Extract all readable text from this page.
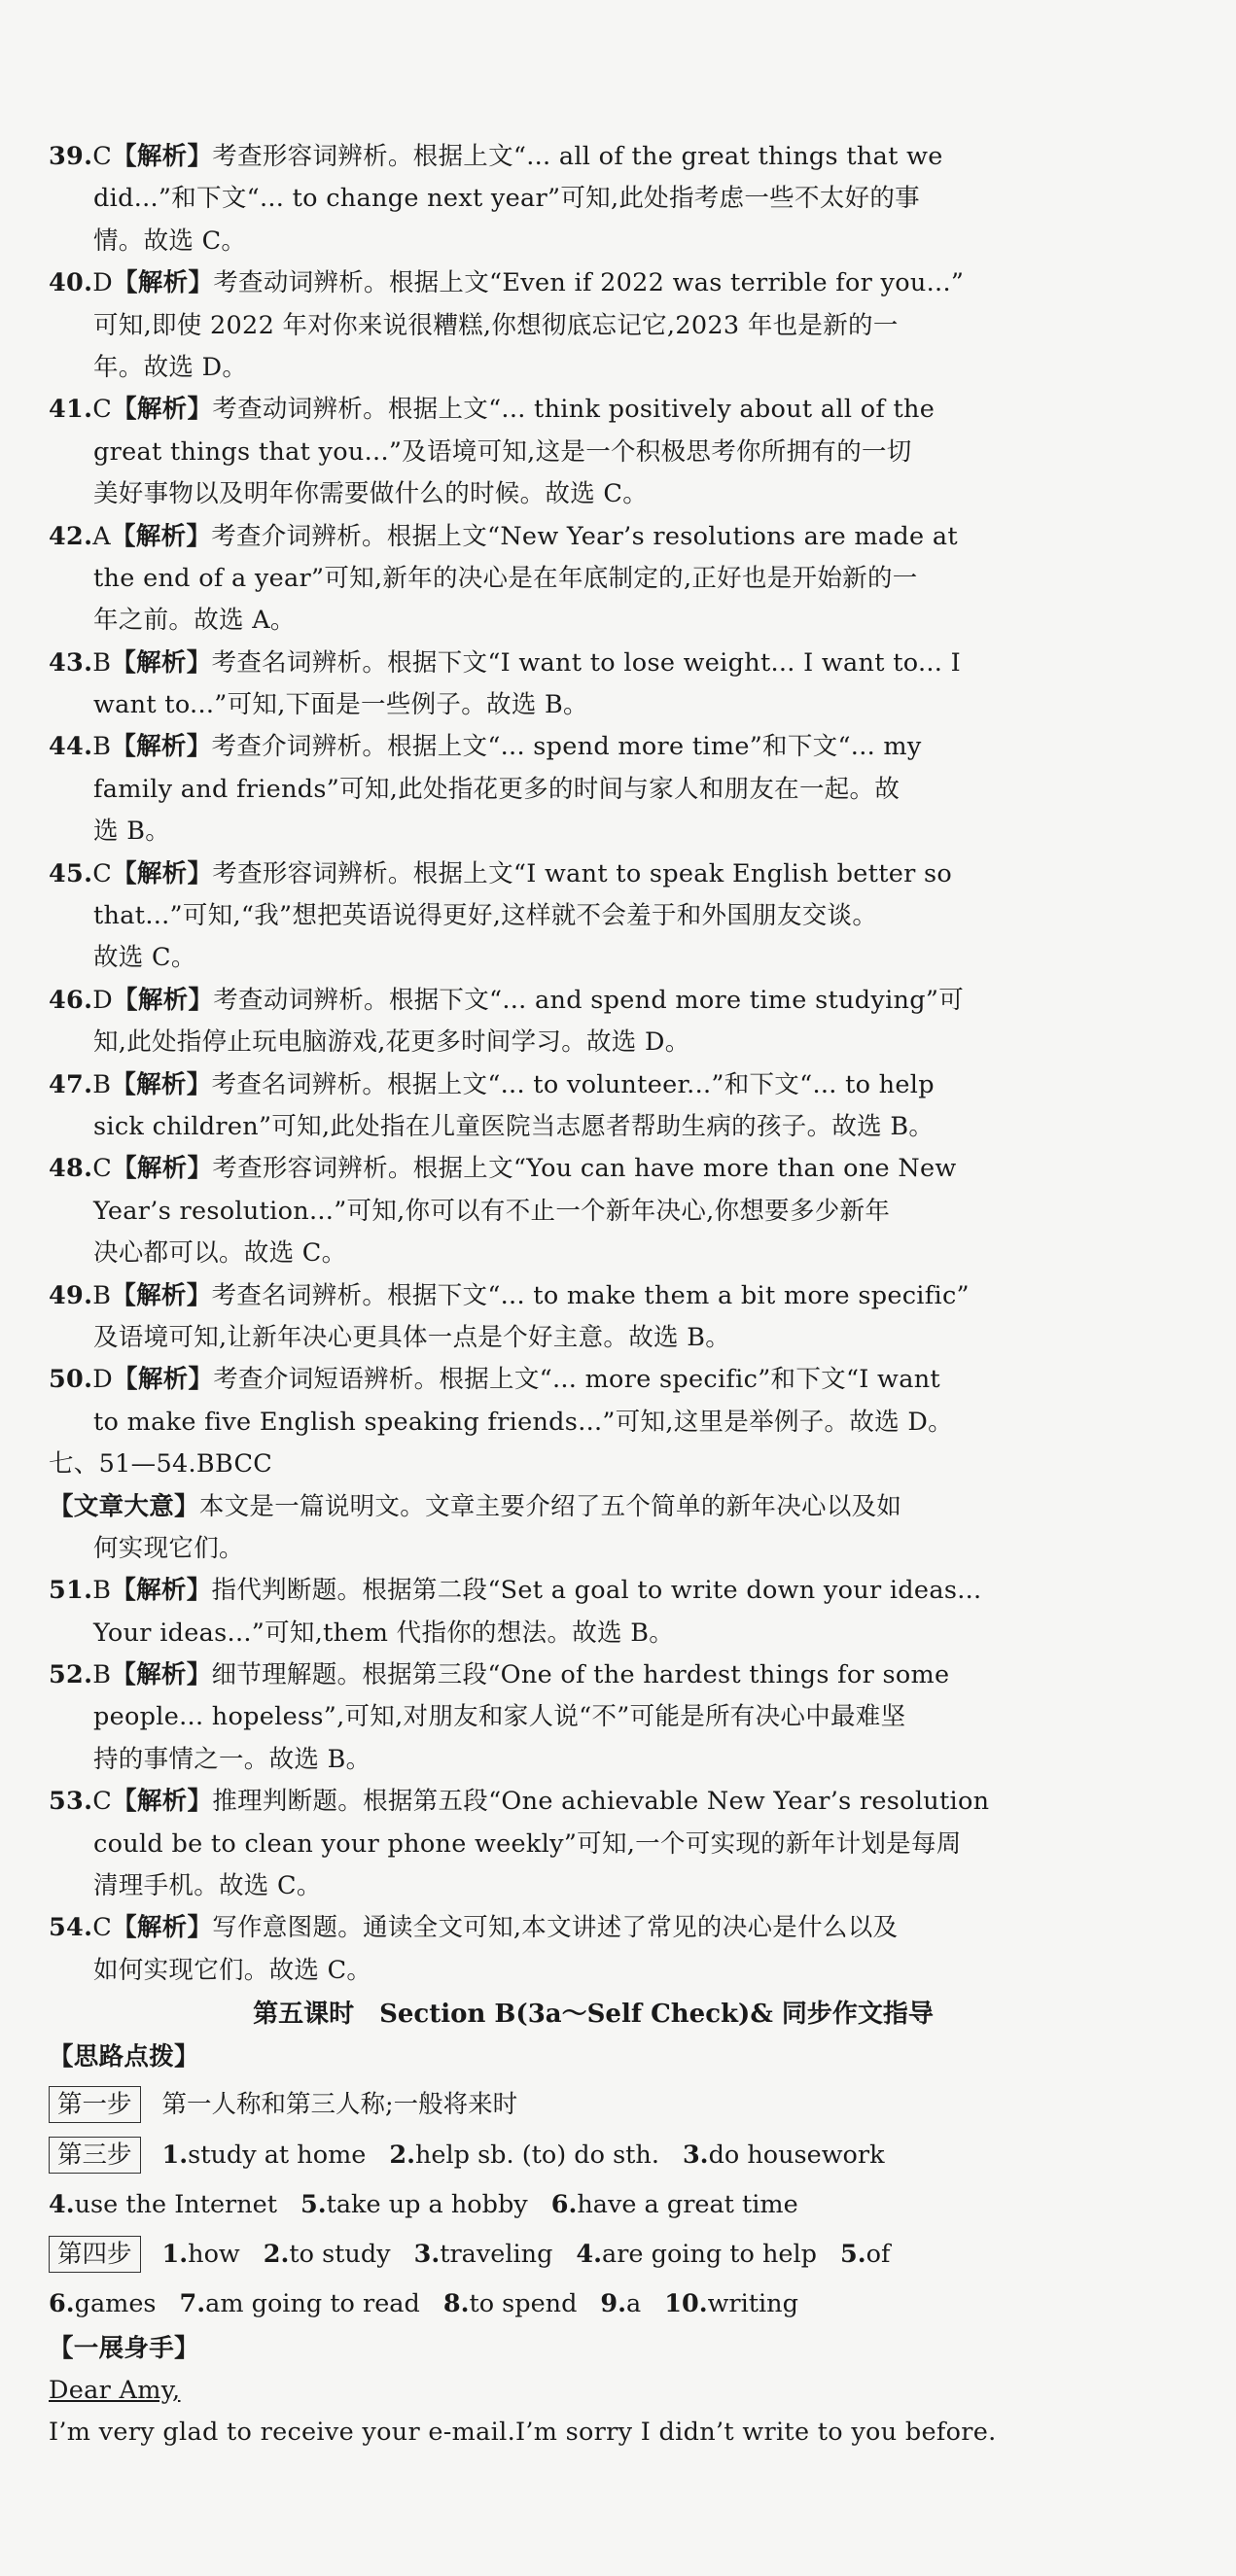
39.C【解析】考查形容词辨析。根据上文“... all of the great things that we
did...”和下文“... to change next year”可知,此处指考虑一些不太好的事
情。故选 C。
40.D【解析】考查动词辨析。根据上文“Even if 2022 was terrible for you...”
可知,即使 2022 年对你来说很糟糕,你想彻底忘记它,2023 年也是新的一
年。故选 D。
41.C【解析】考查动词辨析。根据上文“... think positively about all of the
great things that you...”及语境可知,这是一个积极思考你所拥有的一切
美好事物以及明年你需要做什么的时候。故选 C。
42.A【解析】考查介词辨析。根据上文“New Year’s resolutions are made at
the end of a year”可知,新年的决心是在年底制定的,正好也是开始新的一
年之前。故选 A。
43.B【解析】考查名词辨析。根据下文“I want to lose weight... I want to... I
want to...”可知,下面是一些例子。故选 B。
44.B【解析】考查介词辨析。根据上文“... spend more time”和下文“... my
family and friends”可知,此处指花更多的时间与家人和朋友在一起。故
选 B。
45.C【解析】考查形容词辨析。根据上文“I want to speak English better so
that...”可知,“我”想把英语说得更好,这样就不会羞于和外国朋友交谈。
故选 C。
46.D【解析】考查动词辨析。根据下文“... and spend more time studying”可
知,此处指停止玩电脑游戏,花更多时间学习。故选 D。
47.B【解析】考查名词辨析。根据上文“... to volunteer...”和下文“... to help
sick children”可知,此处指在儿童医院当志愿者帮助生病的孩子。故选 B。
48.C【解析】考查形容词辨析。根据上文“You can have more than one New
Year’s resolution...”可知,你可以有不止一个新年决心,你想要多少新年
决心都可以。故选 C。
49.B【解析】考查名词辨析。根据下文“... to make them a bit more specific”
及语境可知,让新年决心更具体一点是个好主意。故选 B。
50.D【解析】考查介词短语辨析。根据上文“... more specific”和下文“I want
to make five English speaking friends...”可知,这里是举例子。故选 D。
七、51—54.BBCC
【文章大意】本文是一篇说明文。文章主要介绍了五个简单的新年决心以及如
何实现它们。
51.B【解析】指代判断题。根据第二段“Set a goal to write down your ideas...
Your ideas...”可知,them 代指你的想法。故选 B。
52.B【解析】细节理解题。根据第三段“One of the hardest things for some
people... hopeless”,可知,对朋友和家人说“不”可能是所有决心中最难坚
持的事情之一。故选 B。
53.C【解析】推理判断题。根据第五段“One achievable New Year’s resolution
could be to clean your phone weekly”可知,一个可实现的新年计划是每周
清理手机。故选 C。
54.C【解析】写作意图题。通读全文可知,本文讲述了常见的决心是什么以及
如何实现它们。故选 C。
第五课时　Section B(3a～Self Check)& 同步作文指导
【思路点拨】
第一步 第一人称和第三人称;一般将来时
第三步 1.study at home 2.help sb. (to) do sth. 3.do housework
4.use the Internet 5.take up a hobby 6.have a great time
第四步 1.how 2.to study 3.traveling 4.are going to help 5.of
6.games 7.am going to read 8.to spend 9.a 10.writing
【一展身手】
Dear Amy,
I’m very glad to receive your e-mail.I’m sorry I didn’t write to you before.
